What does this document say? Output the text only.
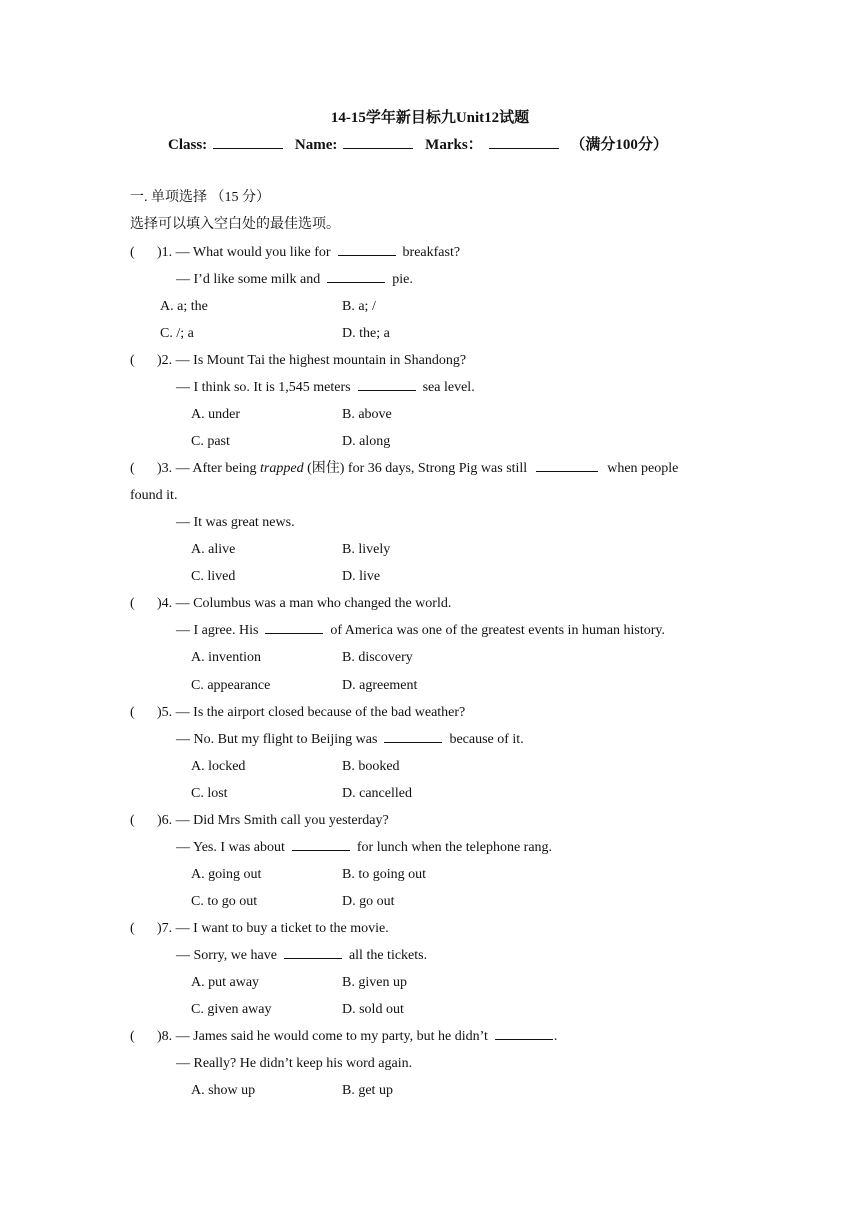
14-15学年新目标九Unit12试题
Class:	Name:	Marks：	（满分100分）
一. 单项选择 （15 分）
选择可以填入空白处的最佳选项。
( )1. — What would you like for	breakfast?
— I’d like some milk and	pie.
A. a; the	B. a; /
C. /; a	D. the; a
( )2. — Is Mount Tai the highest mountain in Shandong?
— I think so. It is 1,545 meters	sea level.
A. under	B. above
C. past	D. along
( )3. — After being trapped (困住) for 36 days, Strong Pig was still	when people
found it.
— It was great news.
A. alive	B. lively
C. lived	D. live
( )4. — Columbus was a man who changed the world.
— I agree. His	of America was one of the greatest events in human history.
A. invention	B. discovery
C. appearance	D. agreement
( )5. — Is the airport closed because of the bad weather?
— No. But my flight to Beijing was	because of it.
A. locked	B. booked
C. lost	D. cancelled
( )6. — Did Mrs Smith call you yesterday?
— Yes. I was about	for lunch when the telephone rang.
A. going out	B. to going out
C. to go out	D. go out
( )7. — I want to buy a ticket to the movie.
— Sorry, we have	all the tickets.
A. put away	B. given up
C. given away	D. sold out
( )8. — James said he would come to my party, but he didn’t	.
— Really? He didn’t keep his word again.
A. show up	B. get up
